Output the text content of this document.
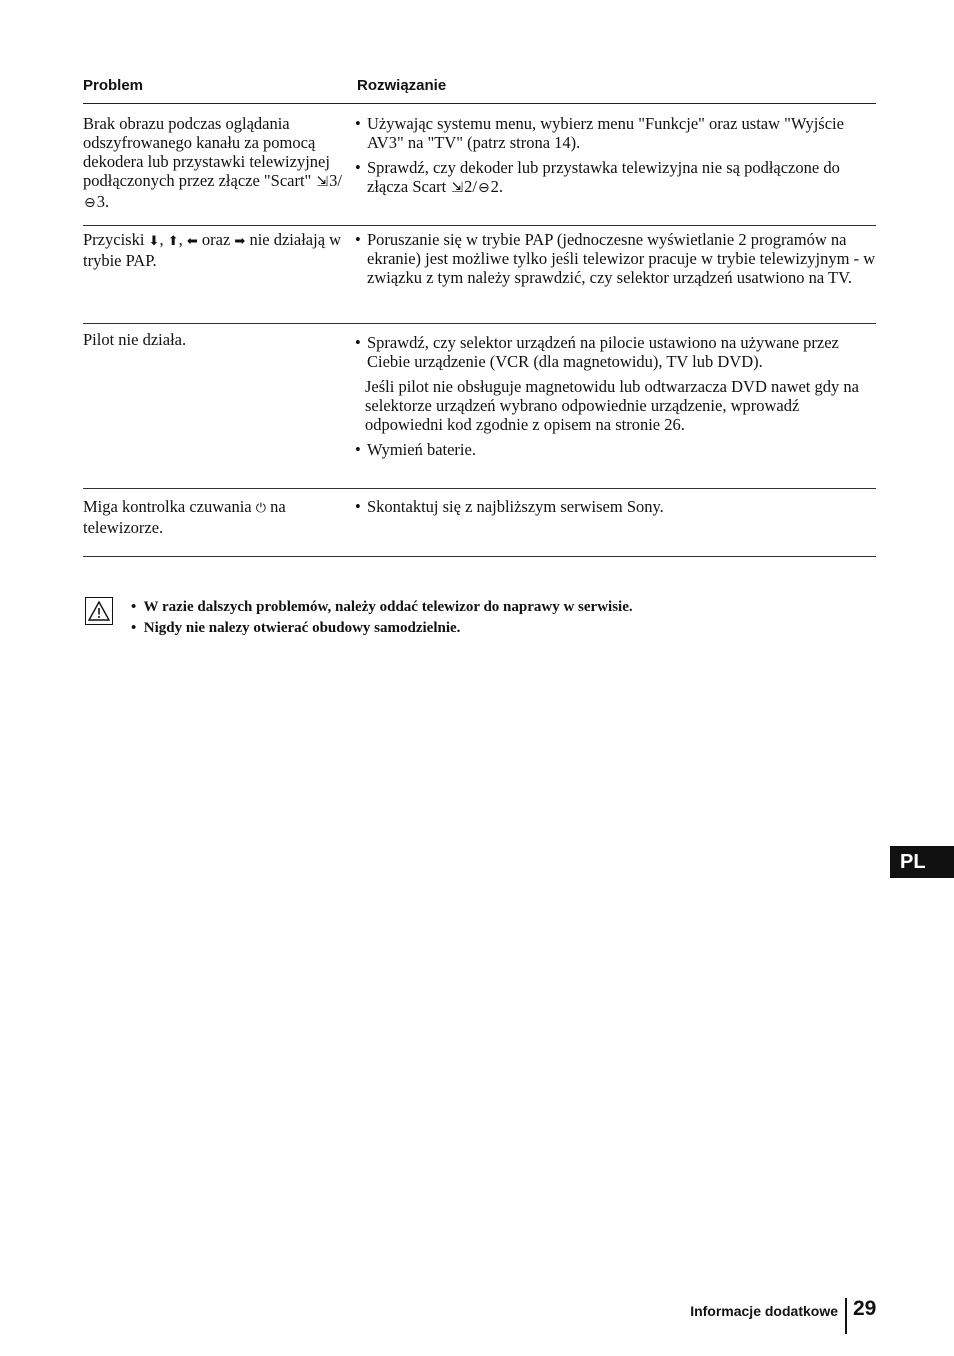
Problem	Rozwiązanie
Brak obrazu podczas oglądania odszyfrowanego kanału za pomocą dekodera lub przystawki telewizyjnej podłączonych przez złącze "Scart" ⇲3/⊖3.
• Używając systemu menu, wybierz menu "Funkcje" oraz ustaw "Wyjście AV3" na "TV" (patrz strona 14).
• Sprawdź, czy dekoder lub przystawka telewizyjna nie są podłączone do złącza Scart ⇲2/⊖2.
Przyciski ⬇, ⬆, ⬅ oraz ➡ nie działają w trybie PAP.
• Poruszanie się w trybie PAP (jednoczesne wyświetlanie 2 programów na ekranie) jest możliwe tylko jeśli telewizor pracuje w trybie telewizyjnym - w związku z tym należy sprawdzić, czy selektor urządzeń usatwiono na TV.
Pilot nie działa.	• Sprawdź, czy selektor urządzeń na pilocie ustawiono na używane przez Ciebie urządzenie (VCR (dla magnetowidu), TV lub DVD).
Jeśli pilot nie obsługuje magnetowidu lub odtwarzacza DVD nawet gdy na selektorze urządzeń wybrano odpowiednie urządzenie, wprowadź odpowiedni kod zgodnie z opisem na stronie 26.
• Wymień baterie.
Miga kontrolka czuwania ⏻ na telewizorze.
• Skontaktuj się z najbliższym serwisem Sony.
• W razie dalszych problemów, należy oddać telewizor do naprawy w serwisie.
• Nigdy nie nalezy otwierać obudowy samodzielnie.
PL
Informacje dodatkowe 29
